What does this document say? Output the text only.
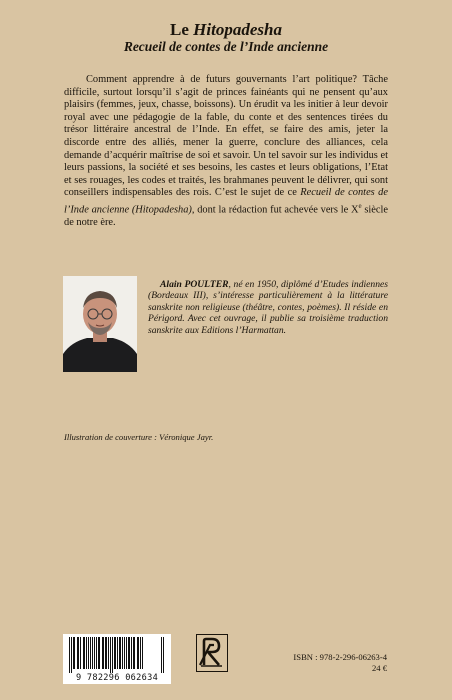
Le Hitopadesha
Recueil de contes de l’Inde ancienne

Comment apprendre à de futurs gouvernants l’art politique? Tâche difficile, surtout lorsqu’il s’agit de princes fainéants qui ne pensent qu’aux plaisirs (femmes, jeux, chasse, boissons). Un érudit va les initier à leur devoir royal avec une pédagogie de la fable, du conte et des sentences tirées du trésor littéraire ancestral de l’Inde. En effet, se faire des amis, jeter la discorde entre des alliés, mener la guerre, conclure des alliances, cela demande d’acquérir maîtrise de soi et savoir. Un tel savoir sur les individus et leurs passions, la société et ses besoins, les castes et leurs obligations, l’Etat et ses rouages, les codes et traités, les brahmanes peuvent le délivrer, qui sont conseillers indispensables des rois. C’est le sujet de ce Recueil de contes de l’Inde ancienne (Hitopadesha), dont la rédaction fut achevée vers le Xe siècle de notre ère.

Alain POULTER, né en 1950, diplômé d’Etudes indiennes (Bordeaux III), s’intéresse particulièrement à la littérature sanskrite non religieuse (théâtre, contes, poèmes). Il réside en Périgord. Avec cet ouvrage, il publie sa troisième traduction sanskrite aux Editions l’Harmattan.

Illustration de couverture : Véronique Jayr.
9 782296 062634
ISBN : 978-2-296-06263-4
24 €
